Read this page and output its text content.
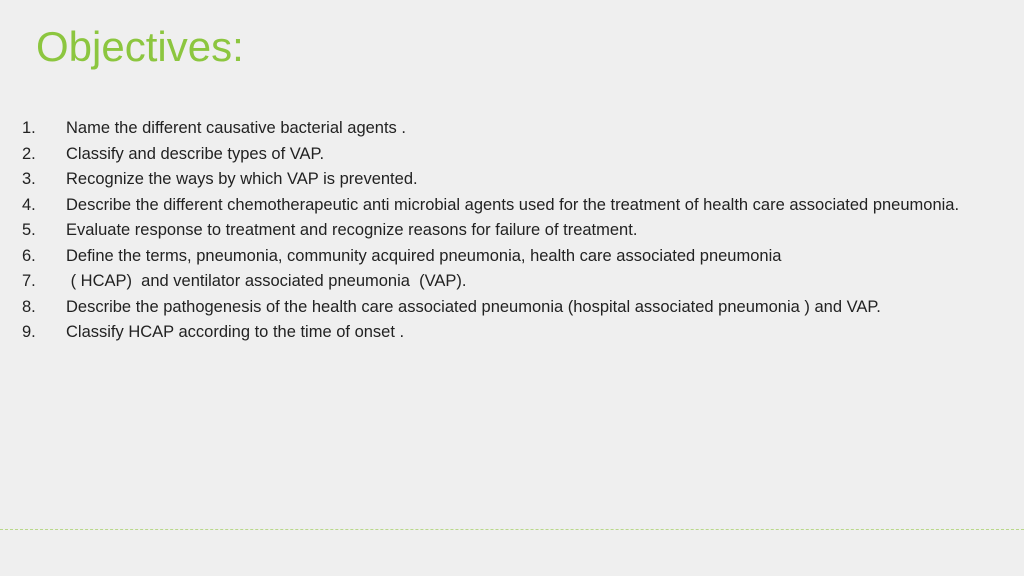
Objectives:
1.	Name the different causative bacterial agents .
2.	Classify and describe types of VAP.
3.	Recognize the ways by which VAP is prevented.
4.	Describe the different chemotherapeutic anti microbial agents used for the treatment of health care associated pneumonia.
5.	Evaluate response to treatment and recognize reasons for failure of treatment.
6.	Define the terms, pneumonia, community acquired pneumonia, health care associated pneumonia
7.	( HCAP)  and ventilator associated pneumonia  (VAP).
8.	Describe the pathogenesis of the health care associated pneumonia (hospital associated pneumonia ) and VAP.
9.	Classify HCAP according to the time of onset .
